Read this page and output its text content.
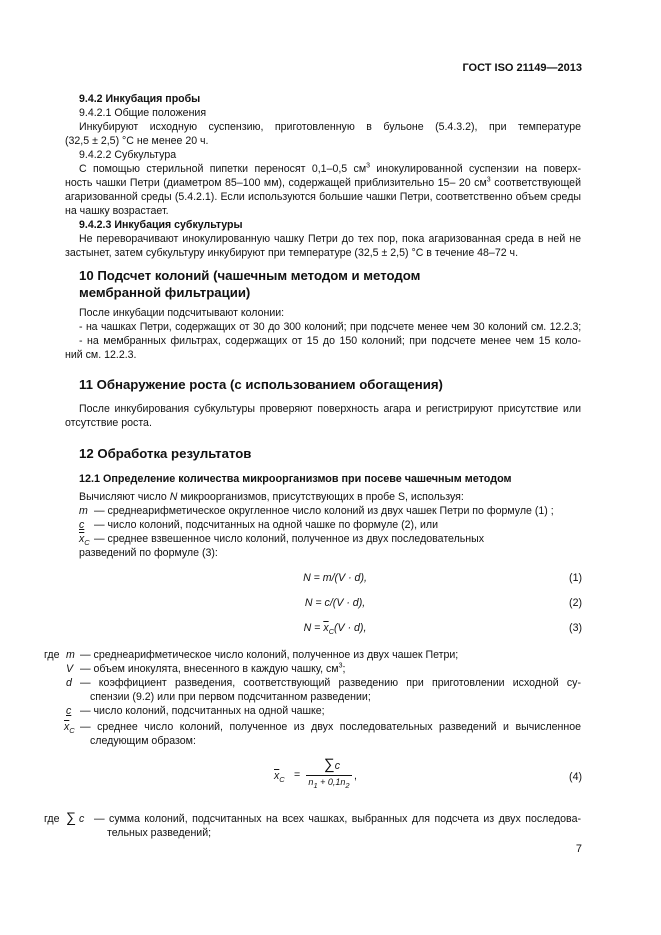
ГОСТ ISO 21149—2013
9.4.2 Инкубация пробы
9.4.2.1 Общие положения
Инкубируют исходную суспензию, приготовленную в бульоне (5.4.3.2), при температуре
(32,5 ± 2,5) °С не менее 20 ч.
9.4.2.2 Субкультура
С помощью стерильной пипетки переносят 0,1–0,5 $см^3$ инокулированной суспензии на поверх-
ность чашки Петри (диаметром 85–100 мм), содержащей приблизительно 15– 20 $см^3$ соответствующей
агаризованной среды (5.4.2.1). Если используются большие чашки Петри, соответственно объем среды
на чашку возрастает.
9.4.2.3 Инкубация субкультуры
Не переворачивают инокулированную чашку Петри до тех пор, пока агаризованная среда в ней не
застынет, затем субкультуру инкубируют при температуре (32,5 ± 2,5) °С в течение 48–72 ч.
10 Подсчет колоний (чашечным методом и методом
мембранной фильтрации)
После инкубации подсчитывают колонии:
- на чашках Петри, содержащих от 30 до 300 колоний; при подсчете менее чем 30 колоний см. 12.2.3;
- на мембранных фильтрах, содержащих от 15 до 150 колоний; при подсчете менее чем 15 коло-
ний см. 12.2.3.
11 Обнаружение роста (с использованием обогащения)
После инкубирования субкультуры проверяют поверхность агара и регистрируют присутствие или
отсутствие роста.
12 Обработка результатов
12.1 Определение количества микроорганизмов при посеве чашечным методом
Вычисляют число N микроорганизмов, присутствующих в пробе S, используя:
m — среднеарифметическое округленное число колоний из двух чашек Петри по формуле (1) ;
c — число колоний, подсчитанных на одной чашке по формуле (2), или
$\overline{x}_C$ — среднее взвешенное число колоний, полученное из двух последовательных
разведений по формуле (3):
N = m/(V · d),	(1)
N = c/(V · d),	(2)
$N = \overline{x}_C(V \cdot d)$,	(3)
где m — среднеарифметическое число колоний, полученное из двух чашек Петри;
V — объем инокулята, внесенного в каждую чашку, $см^3$;
d — коэффициент разведения, соответствующий разведению при приготовлении исходной су-
спензии (9.2) или при первом подсчитанном разведении;
c — число колоний, подсчитанных на одной чашке;
$\overline{x}_C$ — среднее число колоний, полученное из двух последовательных разведений и вычисленное
следующим образом:
$\overline{x}_C$ =
∑c
$n_1 + 0,1n_2$
,	(4)
где ∑ c — сумма колоний, подсчитанных на всех чашках, выбранных для подсчета из двух последова-
тельных разведений;
7
